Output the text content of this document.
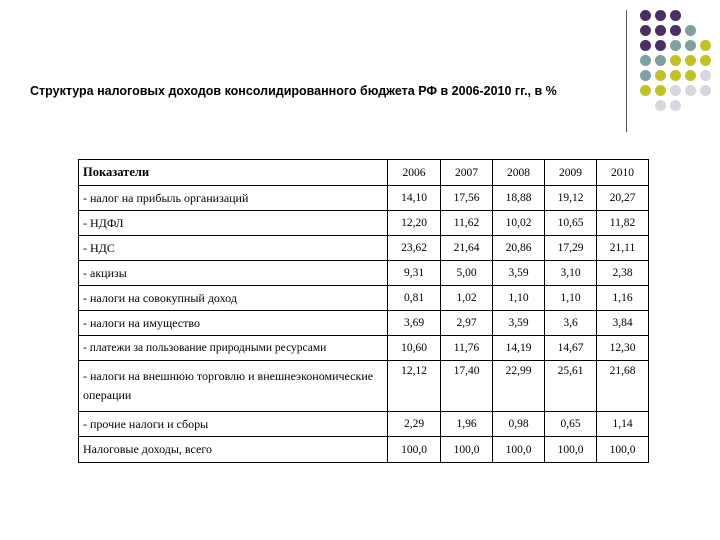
Структура налоговых доходов консолидированного бюджета РФ в 2006-2010 гг., в %
Показатели	2006	2007	2008	2009	2010
- налог на прибыль организаций	14,10	17,56	18,88	19,12	20,27
- НДФЛ	12,20	11,62	10,02	10,65	11,82
- НДС	23,62	21,64	20,86	17,29	21,11
- акцизы	9,31	5,00	3,59	3,10	2,38
- налоги на совокупный доход	0,81	1,02	1,10	1,10	1,16
- налоги на имущество	3,69	2,97	3,59	3,6	3,84
- платежи за пользование природными ресурсами	10,60	11,76	14,19	14,67	12,30
- налоги на внешнюю торговлю и внешнеэкономические операции	12,12	17,40	22,99	25,61	21,68
- прочие налоги и сборы	2,29	1,96	0,98	0,65	1,14
Налоговые доходы, всего	100,0	100,0	100,0	100,0	100,0
